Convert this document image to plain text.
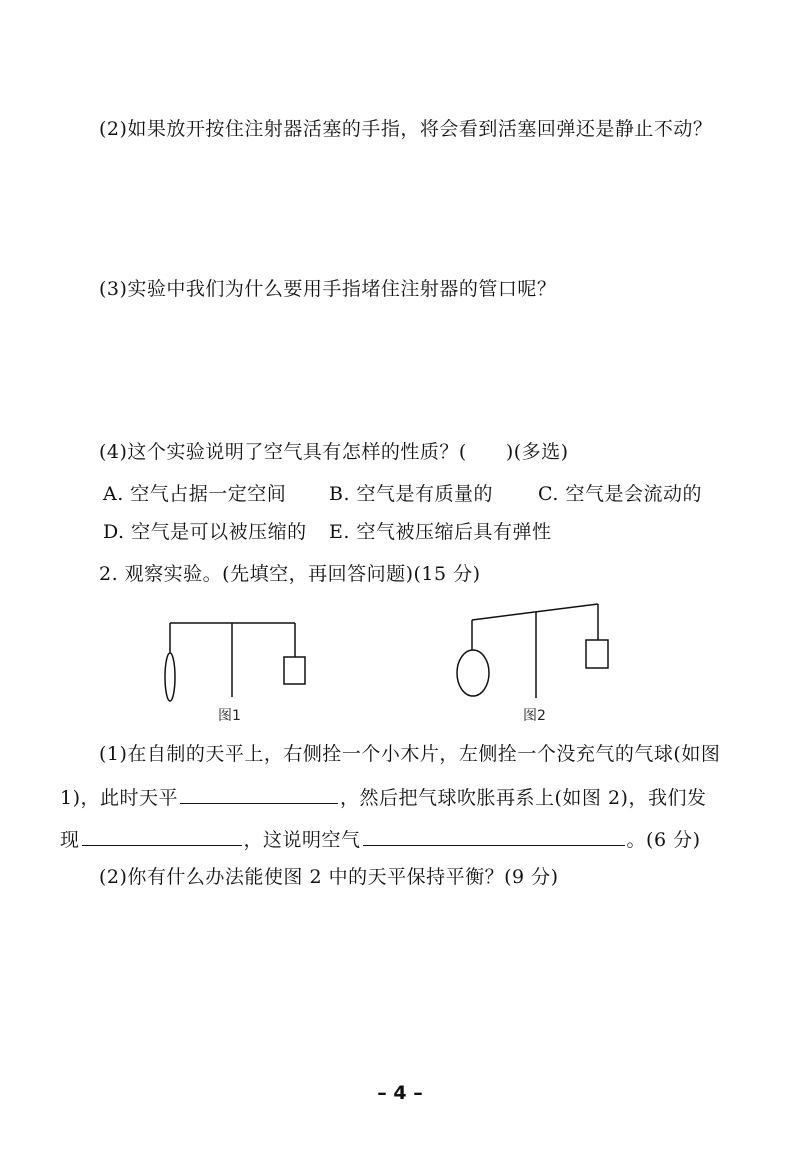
(2)如果放开按住注射器活塞的手指，将会看到活塞回弹还是静止不动？
(3)实验中我们为什么要用手指堵住注射器的管口呢？
(4)这个实验说明了空气具有怎样的性质？(　　)(多选)
A. 空气占据一定空间 B. 空气是有质量的 C. 空气是会流动的
D. 空气是可以被压缩的 E. 空气被压缩后具有弹性
2. 观察实验。(先填空，再回答问题)(15 分)
图1	图2
(1)在自制的天平上，右侧拴一个小木片，左侧拴一个没充气的气球(如图
1)，此时天平	，然后把气球吹胀再系上(如图 2)，我们发
现	，这说明空气	。(6 分)
(2)你有什么办法能使图 2 中的天平保持平衡？(9 分)
– 4 –
